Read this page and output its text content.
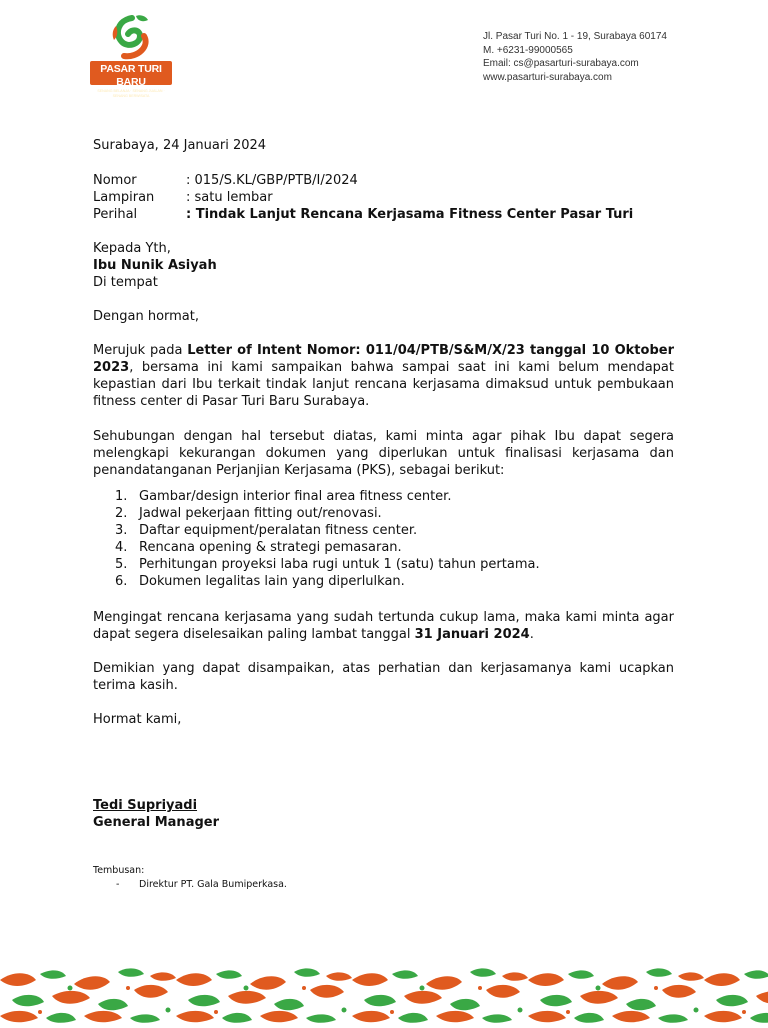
PASAR TURI BARU
SENANG BELANJA · SENANG JUALAN · SENANG BERWISATA
Jl. Pasar Turi No. 1 - 19, Surabaya 60174
M. +6231-99000565
Email: cs@pasarturi-surabaya.com
www.pasarturi-surabaya.com
Surabaya, 24 Januari 2024
Nomor	: 015/S.KL/GBP/PTB/I/2024
Lampiran : satu lembar
Perihal	: Tindak Lanjut Rencana Kerjasama Fitness Center Pasar Turi
Kepada Yth,
Ibu Nunik Asiyah
Di tempat
Dengan hormat,
Merujuk pada Letter of Intent Nomor: 011/04/PTB/S&M/X/23 tanggal 10 Oktober 2023, bersama ini kami sampaikan bahwa sampai saat ini kami belum mendapat kepastian dari Ibu terkait tindak lanjut rencana kerjasama dimaksud untuk pembukaan fitness center di Pasar Turi Baru Surabaya.
Sehubungan dengan hal tersebut diatas, kami minta agar pihak Ibu dapat segera melengkapi kekurangan dokumen yang diperlukan untuk finalisasi kerjasama dan penandatanganan Perjanjian Kerjasama (PKS), sebagai berikut:
1. Gambar/design interior final area fitness center.
2. Jadwal pekerjaan fitting out/renovasi.
3. Daftar equipment/peralatan fitness center.
4. Rencana opening & strategi pemasaran.
5. Perhitungan proyeksi laba rugi untuk 1 (satu) tahun pertama.
6. Dokumen legalitas lain yang diperlulkan.
Mengingat rencana kerjasama yang sudah tertunda cukup lama, maka kami minta agar dapat segera diselesaikan paling lambat tanggal 31 Januari 2024.
Demikian yang dapat disampaikan, atas perhatian dan kerjasamanya kami ucapkan terima kasih.
Hormat kami,
Tedi Supriyadi
General Manager
Tembusan:
- Direktur PT. Gala Bumiperkasa.
